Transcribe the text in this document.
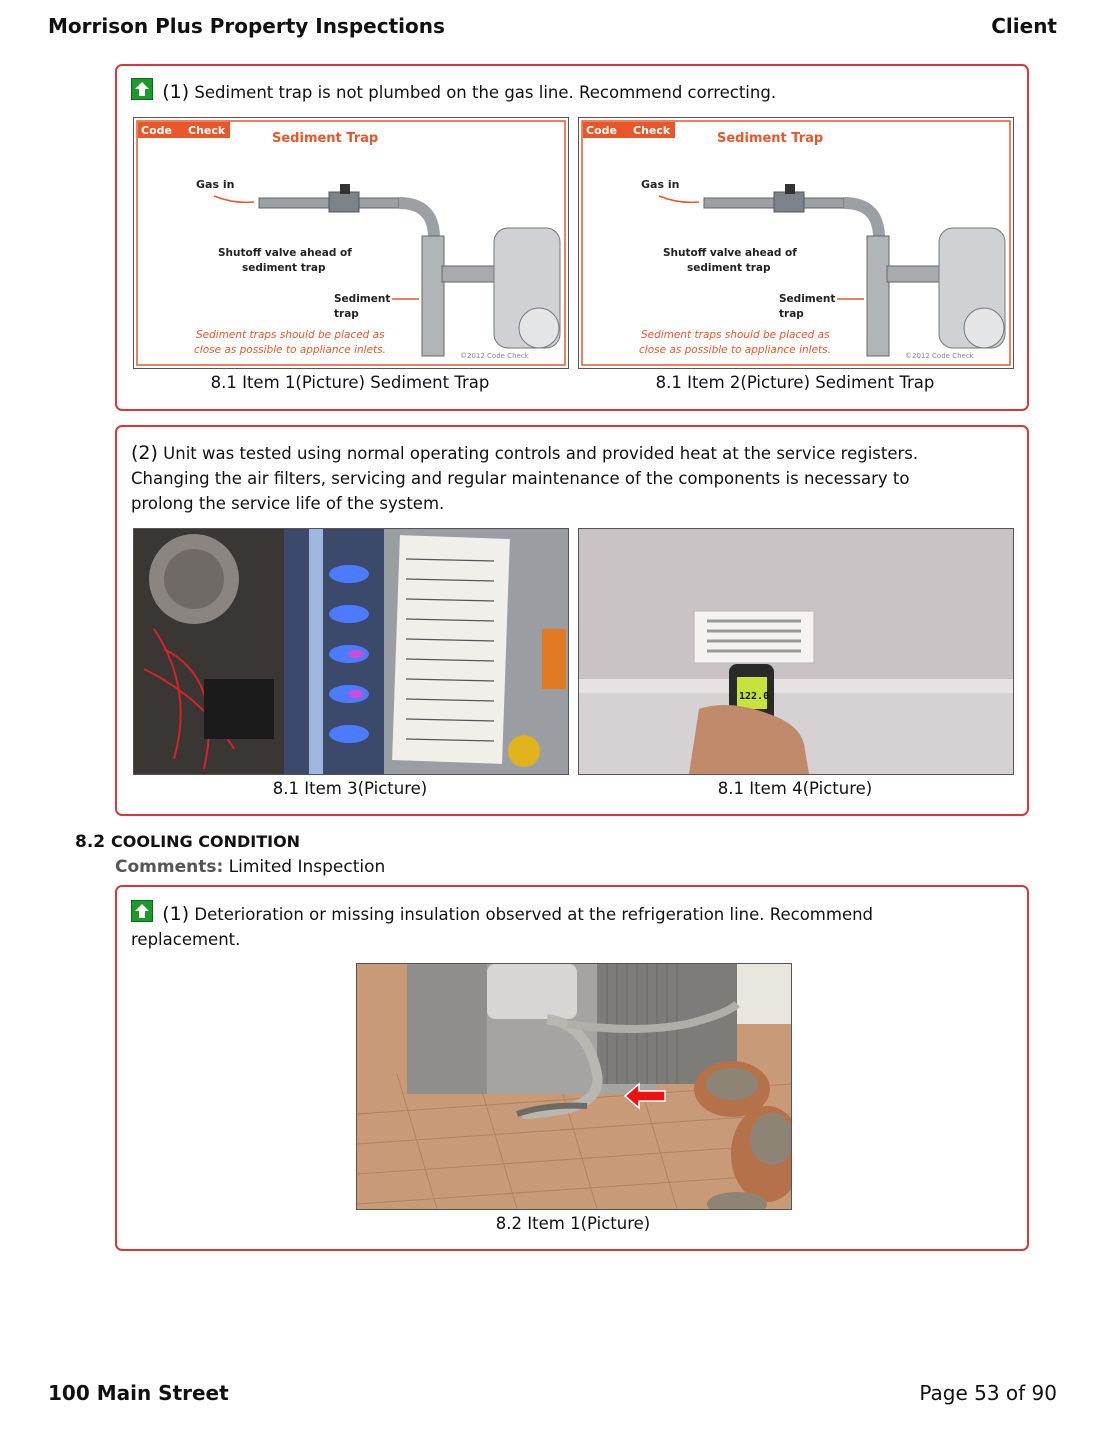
Morrison Plus Property Inspections	Client
(1) Sediment trap is not plumbed on the gas line. Recommend correcting.
Code Check
Sediment Trap
Gas in
Shutoff valve ahead of
sediment trap
Sediment
trap
Sediment traps should be placed as
close as possible to appliance inlets.	©2012 Code Check
Code Check
Sediment Trap
Gas in
Shutoff valve ahead of
sediment trap
Sediment
trap
Sediment traps should be placed as
close as possible to appliance inlets.	©2012 Code Check
8.1 Item 1(Picture) Sediment Trap	8.1 Item 2(Picture) Sediment Trap
(2) Unit was tested using normal operating controls and provided heat at the service registers.
Changing the air filters, servicing and regular maintenance of the components is necessary to
prolong the service life of the system.
122.0
8.1 Item 3(Picture)	8.1 Item 4(Picture)
8.2 COOLING CONDITION
Comments: Limited Inspection
(1) Deterioration or missing insulation observed at the refrigeration line. Recommend
replacement.
8.2 Item 1(Picture)
100 Main Street	Page 53 of 90
